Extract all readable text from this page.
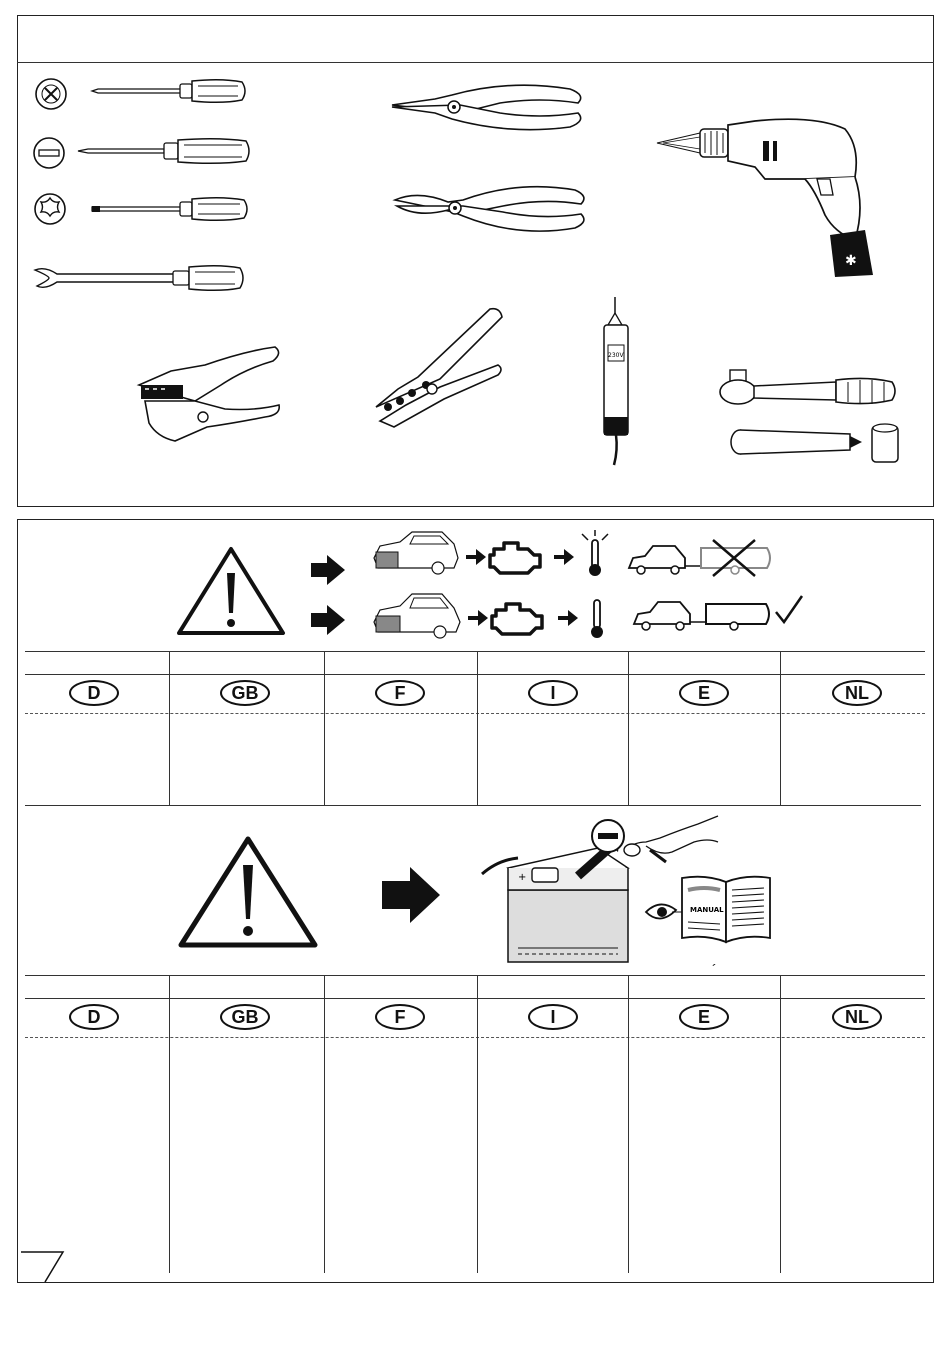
✱
230V
D	GB	F	I	E	NL
+
MANUAL
´
D	GB	F	I	E	NL
